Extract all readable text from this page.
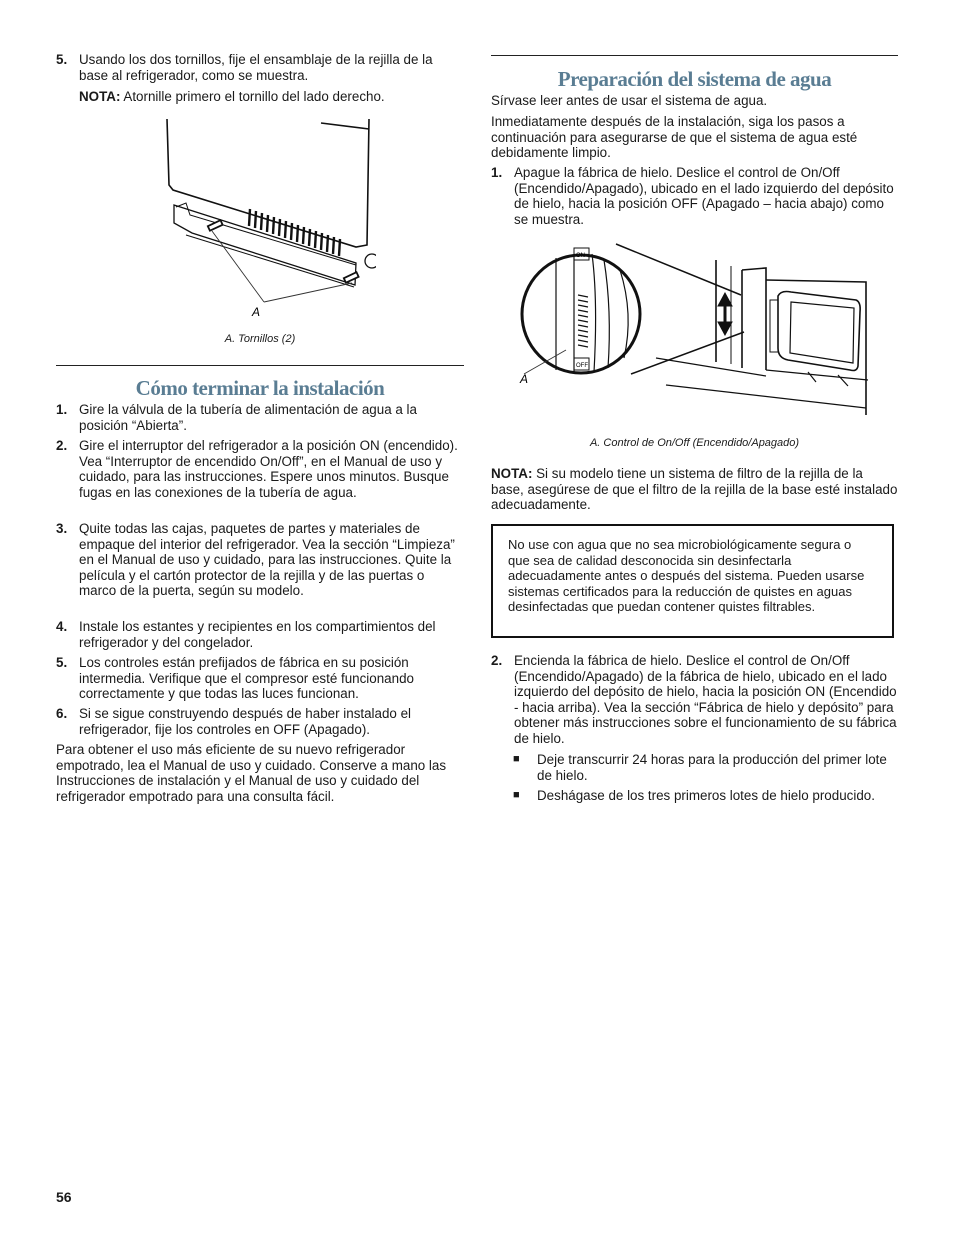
5. Usando los dos tornillos, fije el ensamblaje de la rejilla de la base al refrigerador, como se muestra.
NOTA: Atornille primero el tornillo del lado derecho.
A
A. Tornillos (2)
Cómo terminar la instalación
1. Gire la válvula de la tubería de alimentación de agua a la posición “Abierta”.
2. Gire el interruptor del refrigerador a la posición ON (encendido). Vea “Interruptor de encendido On/Off”, en el Manual de uso y cuidado, para las instrucciones. Espere unos minutos. Busque fugas en las conexiones de la tubería de agua.
3. Quite todas las cajas, paquetes de partes y materiales de empaque del interior del refrigerador. Vea la sección “Limpieza” en el Manual de uso y cuidado, para las instrucciones. Quite la película y el cartón protector de la rejilla y de las puertas o marco de la puerta, según su modelo.
4. Instale los estantes y recipientes en los compartimientos del refrigerador y del congelador.
5. Los controles están prefijados de fábrica en su posición intermedia. Verifique que el compresor esté funcionando correctamente y que todas las luces funcionan.
6. Si se sigue construyendo después de haber instalado el refrigerador, fije los controles en OFF (Apagado).
Para obtener el uso más eficiente de su nuevo refrigerador empotrado, lea el Manual de uso y cuidado. Conserve a mano las Instrucciones de instalación y el Manual de uso y cuidado del refrigerador empotrado para una consulta fácil.
Preparación del sistema de agua
Sírvase leer antes de usar el sistema de agua.
Inmediatamente después de la instalación, siga los pasos a continuación para asegurarse de que el sistema de agua esté debidamente limpio.
1. Apague la fábrica de hielo. Deslice el control de On/Off (Encendido/Apagado), ubicado en el lado izquierdo del depósito de hielo, hacia la posición OFF (Apagado – hacia abajo) como se muestra.
ON
OFF
A
A. Control de On/Off (Encendido/Apagado)
NOTA: Si su modelo tiene un sistema de filtro de la rejilla de la base, asegúrese de que el filtro de la rejilla de la base esté instalado adecuadamente.
No use con agua que no sea microbiológicamente segura o que sea de calidad desconocida sin desinfectarla adecuadamente antes o después del sistema. Pueden usarse sistemas certificados para la reducción de quistes en aguas desinfectadas que puedan contener quistes filtrables.
2. Encienda la fábrica de hielo. Deslice el control de On/Off (Encendido/Apagado) de la fábrica de hielo, ubicado en el lado izquierdo del depósito de hielo, hacia la posición ON (Encendido - hacia arriba). Vea la sección “Fábrica de hielo y depósito” para obtener más instrucciones sobre el funcionamiento de su fábrica de hielo.
■ Deje transcurrir 24 horas para la producción del primer lote de hielo.
■ Deshágase de los tres primeros lotes de hielo producido.
56
